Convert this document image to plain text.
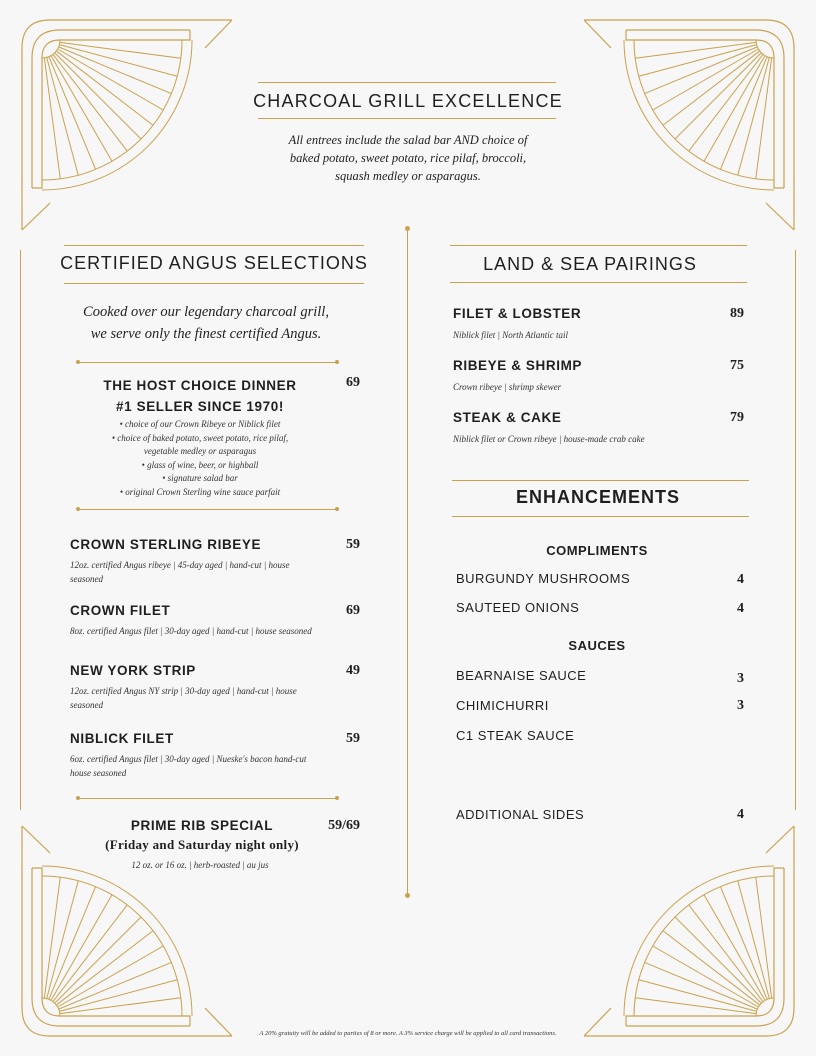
CHARCOAL GRILL EXCELLENCE
All entrees include the salad bar AND choice of
baked potato, sweet potato, rice pilaf, broccoli,
squash medley or asparagus.
CERTIFIED ANGUS SELECTIONS
Cooked over our legendary charcoal grill,
we serve only the finest certified Angus.
THE HOST CHOICE DINNER
#1 SELLER SINCE 1970!
69
• choice of our Crown Ribeye or Niblick filet
• choice of baked potato, sweet potato, rice pilaf,
vegetable medley or asparagus
• glass of wine, beer, or highball
• signature salad bar
• original Crown Sterling wine sauce parfait
CROWN STERLING RIBEYE	59
12oz. certified Angus ribeye | 45-day aged | hand-cut | house
seasoned
CROWN FILET	69
8oz. certified Angus filet | 30-day aged | hand-cut | house seasoned
NEW YORK STRIP	49
12oz. certified Angus NY strip | 30-day aged | hand-cut | house
seasoned
NIBLICK FILET	59
6oz. certified Angus filet | 30-day aged | Nueske's bacon hand-cut
house seasoned
PRIME RIB SPECIAL	59/69
(Friday and Saturday night only)
12 oz. or 16 oz. | herb-roasted | au jus
LAND & SEA PAIRINGS
FILET & LOBSTER	89
Niblick filet | North Atlantic tail
RIBEYE & SHRIMP	75
Crown ribeye | shrimp skewer
STEAK & CAKE	79
Niblick filet or Crown ribeye | house-made crab cake
ENHANCEMENTS
COMPLIMENTS
BURGUNDY MUSHROOMS	4
SAUTEED ONIONS	4
SAUCES
BEARNAISE SAUCE	3
CHIMICHURRI	3
C1 STEAK SAUCE
ADDITIONAL SIDES	4
A 20% gratuity will be added to parties of 8 or more. A 3% service charge will be applied to all card transactions.
